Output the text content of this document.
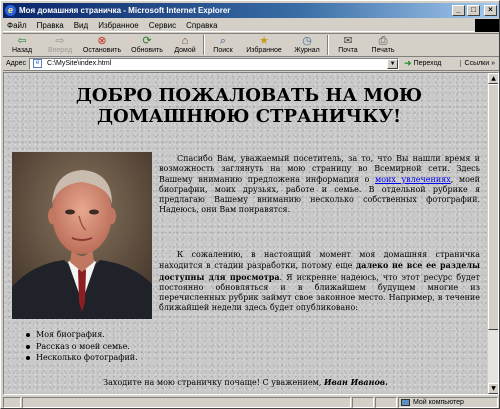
e Моя домашняя страничка - Microsoft Internet Explorer	_	□	×
Файл	Правка	Вид	Избранное	Сервис	Справка
⇦
Назад
⇨
Вперед
⊗
Остановить
⟳
Обновить
⌂
Домой
⌕
Поиск
★
Избранное
◷
Журнал
✉
Почта
⎙
Печать
Адрес	e	C:\MySite\index.html	▼ ➜ Переход	Ссылки »
ДОБРО ПОЖАЛОВАТЬ НА МОЮ
ДОМАШНЮЮ СТРАНИЧКУ!

Спасибо Вам, уважаемый посетитель, за то, что Вы нашли время и возможность заглянуть на мою страницу во Всемирной сети. Здесь Вашему вниманию предложена информация о моих увлечениях, моей биографии, моих друзьях, работе и семье. В отдельной рубрике я предлагаю Вашему вниманию несколько собственных фотографий. Надеюсь, они Вам понравятся.

К сожалению, в настоящий момент моя домашняя страничка находится в стадии разработки, потому еще далеко не все ее разделы доступны для просмотра. Я искренне надеюсь, что этот ресурс будет постоянно обновляться и в ближайшем будущем многие из перечисленных рубрик займут свое законное место. Например, в течение ближайшей недели здесь будет опубликовано:

Моя биография.
Рассказ о моей семье.
Несколько фотографий.

Заходите на мою страничку почаще! С уважением, Иван Иванов.

▲
▼
Мой компьютер
